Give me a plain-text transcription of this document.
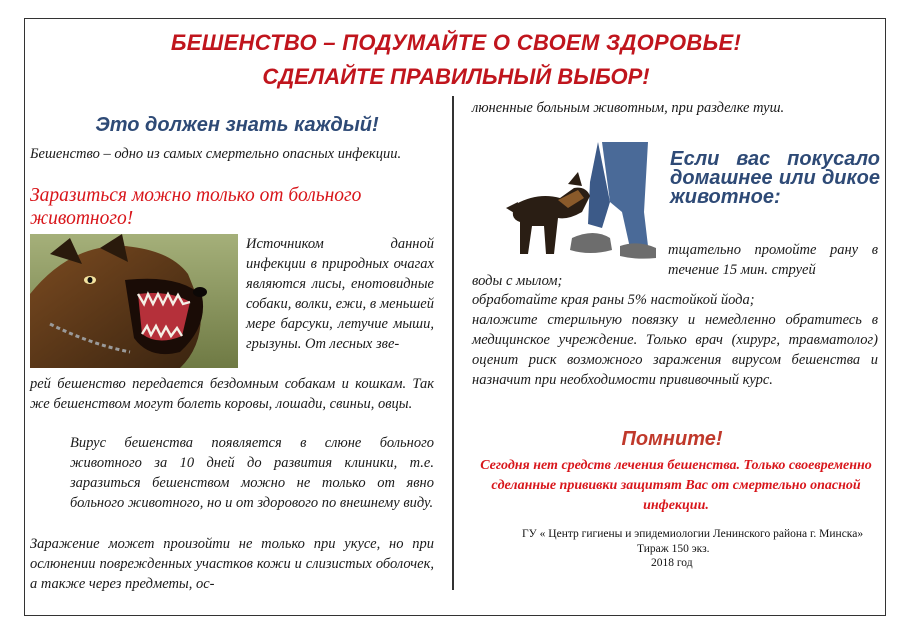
БЕШЕНСТВО – ПОДУМАЙТЕ О СВОЕМ ЗДОРОВЬЕ!
СДЕЛАЙТЕ ПРАВИЛЬНЫЙ ВЫБОР!
Это должен знать каждый!
Бешенство – одно из самых смертельно опасных инфекции.
Заразиться можно только от больного животного!
Источником данной инфекции в природных очагах являются лисы, енотовидные собаки, волки, ежи, в меньшей мере барсуки, летучие мыши, грызуны. От лесных зве-
рей бешенство передается бездомным собакам и кошкам. Так же бешенством могут болеть коровы, лошади, свиньи, овцы.
Вирус бешенства появляется в слюне больного животного за 10 дней до развития клиники, т.е. заразиться бешенством можно не только от явно больного животного, но и от здорового по внешнему виду.
Заражение может произойти не только при укусе, но при ослюнении поврежденных участков кожи и слизистых оболочек, а также через предметы, ос-
люненные больным животным, при разделке туш.
Если вас покусало домашнее или дикое животное:
тщательно промойте рану в течение 15 мин. струей
воды с мылом;
обработайте края раны 5% настойкой йода;
наложите стерильную повязку и немедленно обратитесь в медицинское учреждение. Только врач (хирург, травматолог) оценит риск возможного заражения вирусом бешенства и назначит при необходимости прививочный курс.
Помните!
Сегодня нет средств лечения бешенства. Только своевременно сделанные прививки защитят Вас от смертельно опасной инфекции.
ГУ « Центр гигиены и эпидемиологии Ленинского района г. Минска»
Тираж 150 экз.
2018 год
